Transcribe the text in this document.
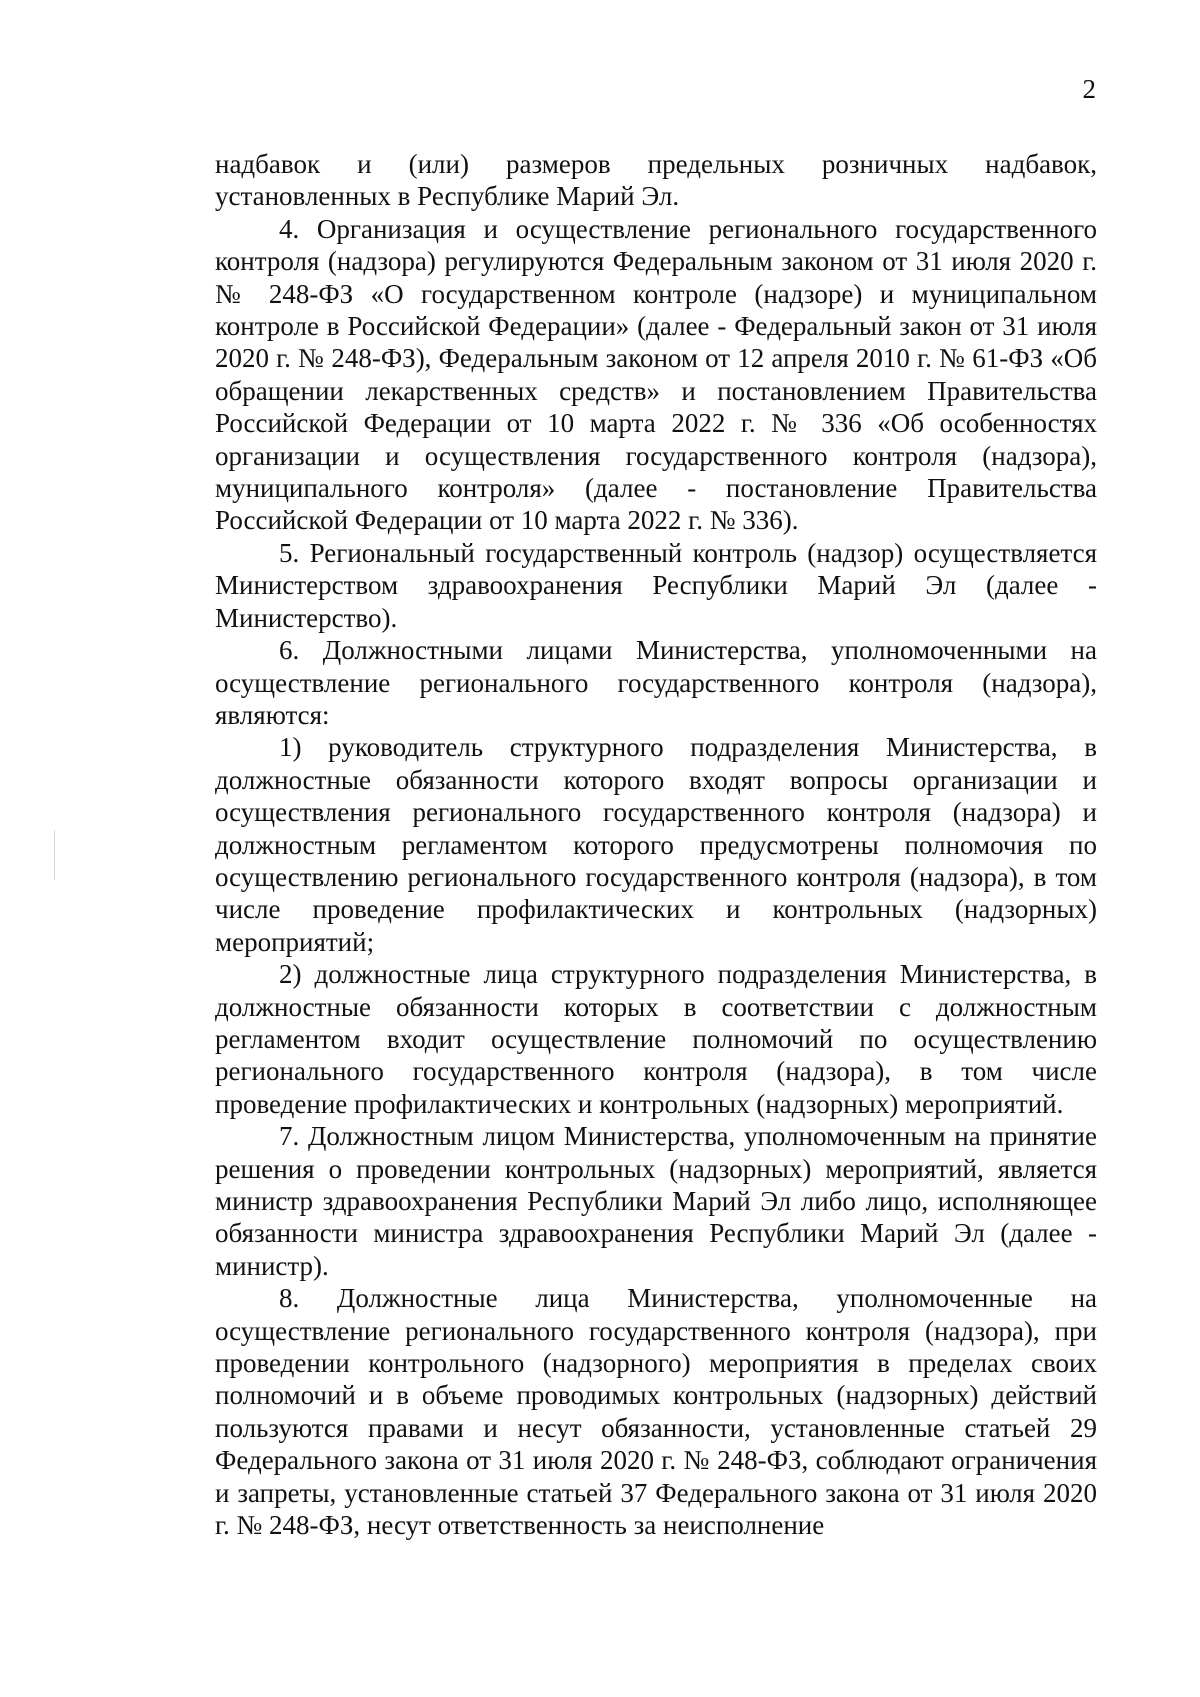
2

надбавок и (или) размеров предельных розничных надбавок, установленных в Республике Марий Эл.

4. Организация и осуществление регионального государственного контроля (надзора) регулируются Федеральным законом от 31 июля 2020 г. № 248-ФЗ «О государственном контроле (надзоре) и муниципальном контроле в Российской Федерации» (далее - Федеральный закон от 31 июля 2020 г. № 248-ФЗ), Федеральным законом от 12 апреля 2010 г. № 61-ФЗ «Об обращении лекарственных средств» и постановлением Правительства Российской Федерации от 10 марта 2022 г. № 336 «Об особенностях организации и осуществления государственного контроля (надзора), муниципального контроля» (далее - постановление Правительства Российской Федерации от 10 марта 2022 г. № 336).

5. Региональный государственный контроль (надзор) осуществляется Министерством здравоохранения Республики Марий Эл (далее - Министерство).

6. Должностными лицами Министерства, уполномоченными на осуществление регионального государственного контроля (надзора), являются:

1) руководитель структурного подразделения Министерства, в должностные обязанности которого входят вопросы организации и осуществления регионального государственного контроля (надзора) и должностным регламентом которого предусмотрены полномочия по осуществлению регионального государственного контроля (надзора), в том числе проведение профилактических и контрольных (надзорных) мероприятий;

2) должностные лица структурного подразделения Министерства, в должностные обязанности которых в соответствии с должностным регламентом входит осуществление полномочий по осуществлению регионального государственного контроля (надзора), в том числе проведение профилактических и контрольных (надзорных) мероприятий.

7. Должностным лицом Министерства, уполномоченным на принятие решения о проведении контрольных (надзорных) мероприятий, является министр здравоохранения Республики Марий Эл либо лицо, исполняющее обязанности министра здравоохранения Республики Марий Эл (далее - министр).

8. Должностные лица Министерства, уполномоченные на осуществление регионального государственного контроля (надзора), при проведении контрольного (надзорного) мероприятия в пределах своих полномочий и в объеме проводимых контрольных (надзорных) действий пользуются правами и несут обязанности, установленные статьей 29 Федерального закона от 31 июля 2020 г. № 248-ФЗ, соблюдают ограничения и запреты, установленные статьей 37 Федерального закона от 31 июля 2020 г. № 248-ФЗ, несут ответственность за неисполнение
